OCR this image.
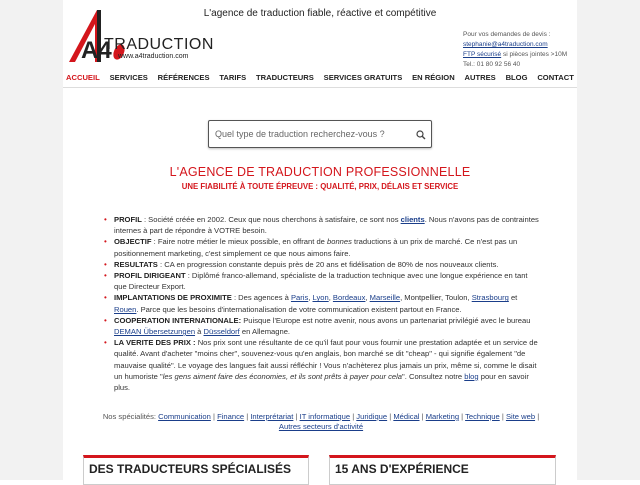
L'agence de traduction fiable, réactive et compétitive
A4
TRADUCTION
www.a4traduction.com
Pour vos demandes de devis :
stephanie@a4traduction.com
FTP sécurisé si pièces jointes >10M
Tel.: 01 80 92 56 40
ACCUEIL SERVICES RÉFÉRENCES TARIFS TRADUCTEURS SERVICES GRATUITS EN RÉGION AUTRES BLOG CONTACT
Quel type de traduction recherchez-vous ?
L'AGENCE DE TRADUCTION PROFESSIONNELLE
UNE FIABILITÉ À TOUTE ÉPREUVE : QUALITÉ, PRIX, DÉLAIS ET SERVICE
• PROFIL : Société créée en 2002. Ceux que nous cherchons à satisfaire, ce sont nos clients. Nous n'avons pas de contraintes internes à part de répondre à VOTRE besoin.
• OBJECTIF : Faire notre métier le mieux possible, en offrant de bonnes traductions à un prix de marché. Ce n'est pas un positionnement marketing, c'est simplement ce que nous aimons faire.
• RESULTATS : CA en progression constante depuis près de 20 ans et fidélisation de 80% de nos nouveaux clients.
• PROFIL DIRIGEANT : Diplômé franco-allemand, spécialiste de la traduction technique avec une longue expérience en tant que Directeur Export.
• IMPLANTATIONS DE PROXIMITE : Des agences à Paris, Lyon, Bordeaux, Marseille, Montpellier, Toulon, Strasbourg et Rouen. Parce que les besoins d'internationalisation de votre communication existent partout en France.
• COOPERATION INTERNATIONALE: Puisque l'Europe est notre avenir, nous avons un partenariat privilégié avec le bureau DEMAN Übersetzungen à Düsseldorf en Allemagne.
• LA VERITE DES PRIX : Nos prix sont une résultante de ce qu'il faut pour vous fournir une prestation adaptée et un service de qualité. Avant d'acheter "moins cher", souvenez-vous qu'en anglais, bon marché se dit "cheap" - qui signifie également "de mauvaise qualité". Le voyage des langues fait aussi réfléchir ! Vous n'achèterez plus jamais un prix, même si, comme le disait un humoriste "les gens aiment faire des économies, et ils sont prêts à payer pour cela". Consultez notre blog pour en savoir plus.
Nos spécialités: Communication | Finance | Interprétariat | IT informatique | Juridique | Médical | Marketing | Technique | Site web | Autres secteurs d'activité
DES TRADUCTEURS SPÉCIALISÉS	15 ANS D'EXPÉRIENCE
